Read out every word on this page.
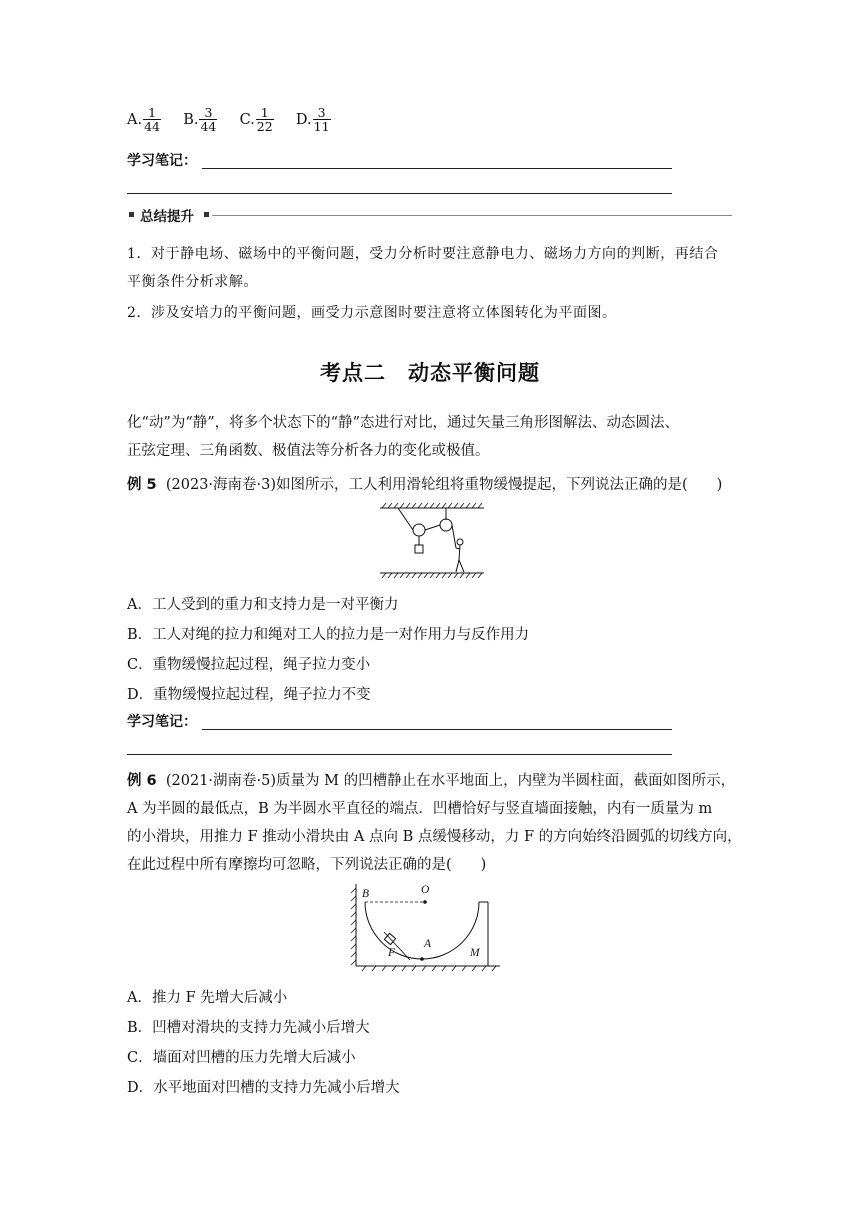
A. $\frac{1}{44} B$. $\frac{3}{44} C$. $\frac{1}{22} D$. $\frac{3}{11}$
学习笔记：
总结提升
1．对于静电场、磁场中的平衡问题，受力分析时要注意静电力、磁场力方向的判断，再结合
平衡条件分析求解。
2．涉及安培力的平衡问题，画受力示意图时要注意将立体图转化为平面图。
考点二　动态平衡问题
化“动”为“静”，将多个状态下的“静”态进行对比，通过矢量三角形图解法、动态圆法、
正弦定理、三角函数、极值法等分析各力的变化或极值。
例 5 (2023·海南卷·3)如图所示，工人利用滑轮组将重物缓慢提起，下列说法正确的是(　　)
A．工人受到的重力和支持力是一对平衡力
B．工人对绳的拉力和绳对工人的拉力是一对作用力与反作用力
C．重物缓慢拉起过程，绳子拉力变小
D．重物缓慢拉起过程，绳子拉力不变
学习笔记：
例 6 (2021·湖南卷·5)质量为 M 的凹槽静止在水平地面上，内壁为半圆柱面，截面如图所示，
A 为半圆的最低点，B 为半圆水平直径的端点．凹槽恰好与竖直墙面接触，内有一质量为 m
的小滑块，用推力 F 推动小滑块由 A 点向 B 点缓慢移动，力 F 的方向始终沿圆弧的切线方向，
在此过程中所有摩擦均可忽略，下列说法正确的是(　　)
B	O
A
F	M
A．推力 F 先增大后减小
B．凹槽对滑块的支持力先减小后增大
C．墙面对凹槽的压力先增大后减小
D．水平地面对凹槽的支持力先减小后增大
